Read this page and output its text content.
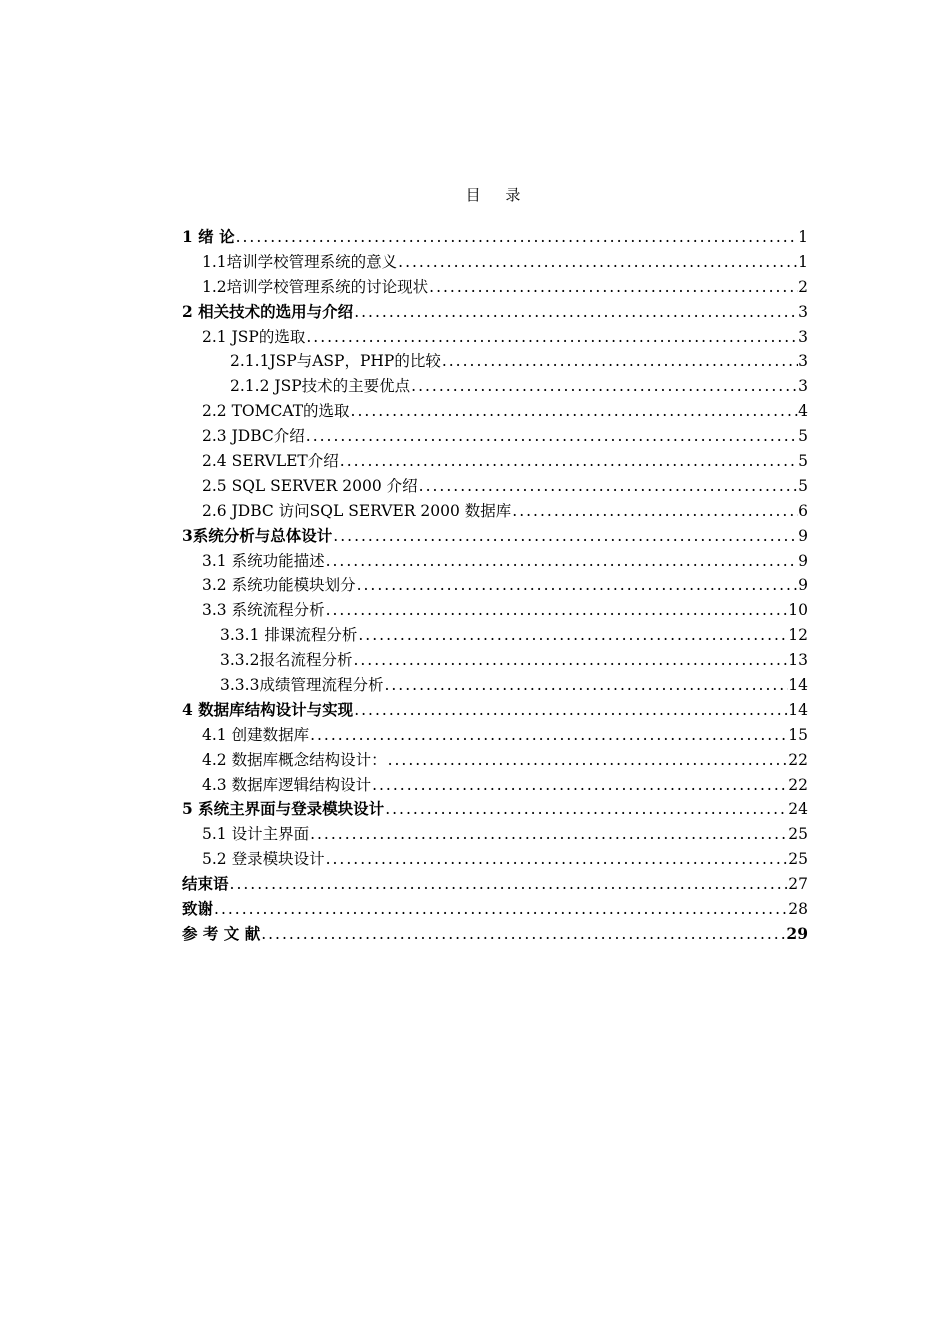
目 录
1 绪 论 .....	1
1.1培训学校管理系统的意义 .....	1
1.2培训学校管理系统的讨论现状 .....	2
2 相关技术的选用与介绍 .....	3
2.1 JSP的选取 .....	3
2.1.1JSP与ASP，PHP的比较 .....	3
2.1.2 JSP技术的主要优点 .....	3
2.2 TOMCAT的选取 .....	4
2.3 JDBC介绍 .....	5
2.4 SERVLET介绍 .....	5
2.5 SQL SERVER 2000 介绍 .....	5
2.6 JDBC 访问SQL SERVER 2000 数据库 .....	6
3系统分析与总体设计 .....	9
3.1 系统功能描述 .....	9
3.2 系统功能模块划分 .....	9
3.3 系统流程分析 .....	10
3.3.1 排课流程分析 .....	12
3.3.2报名流程分析 .....	13
3.3.3成绩管理流程分析 .....	14
4 数据库结构设计与实现 .....	14
4.1 创建数据库 .....	15
4.2 数据库概念结构设计： .....	22
4.3 数据库逻辑结构设计 .....	22
5 系统主界面与登录模块设计 .....	24
5.1 设计主界面 .....	25
5.2 登录模块设计 .....	25
结束语 .....	27
致谢 .....	28
参 考 文 献 .....	29
